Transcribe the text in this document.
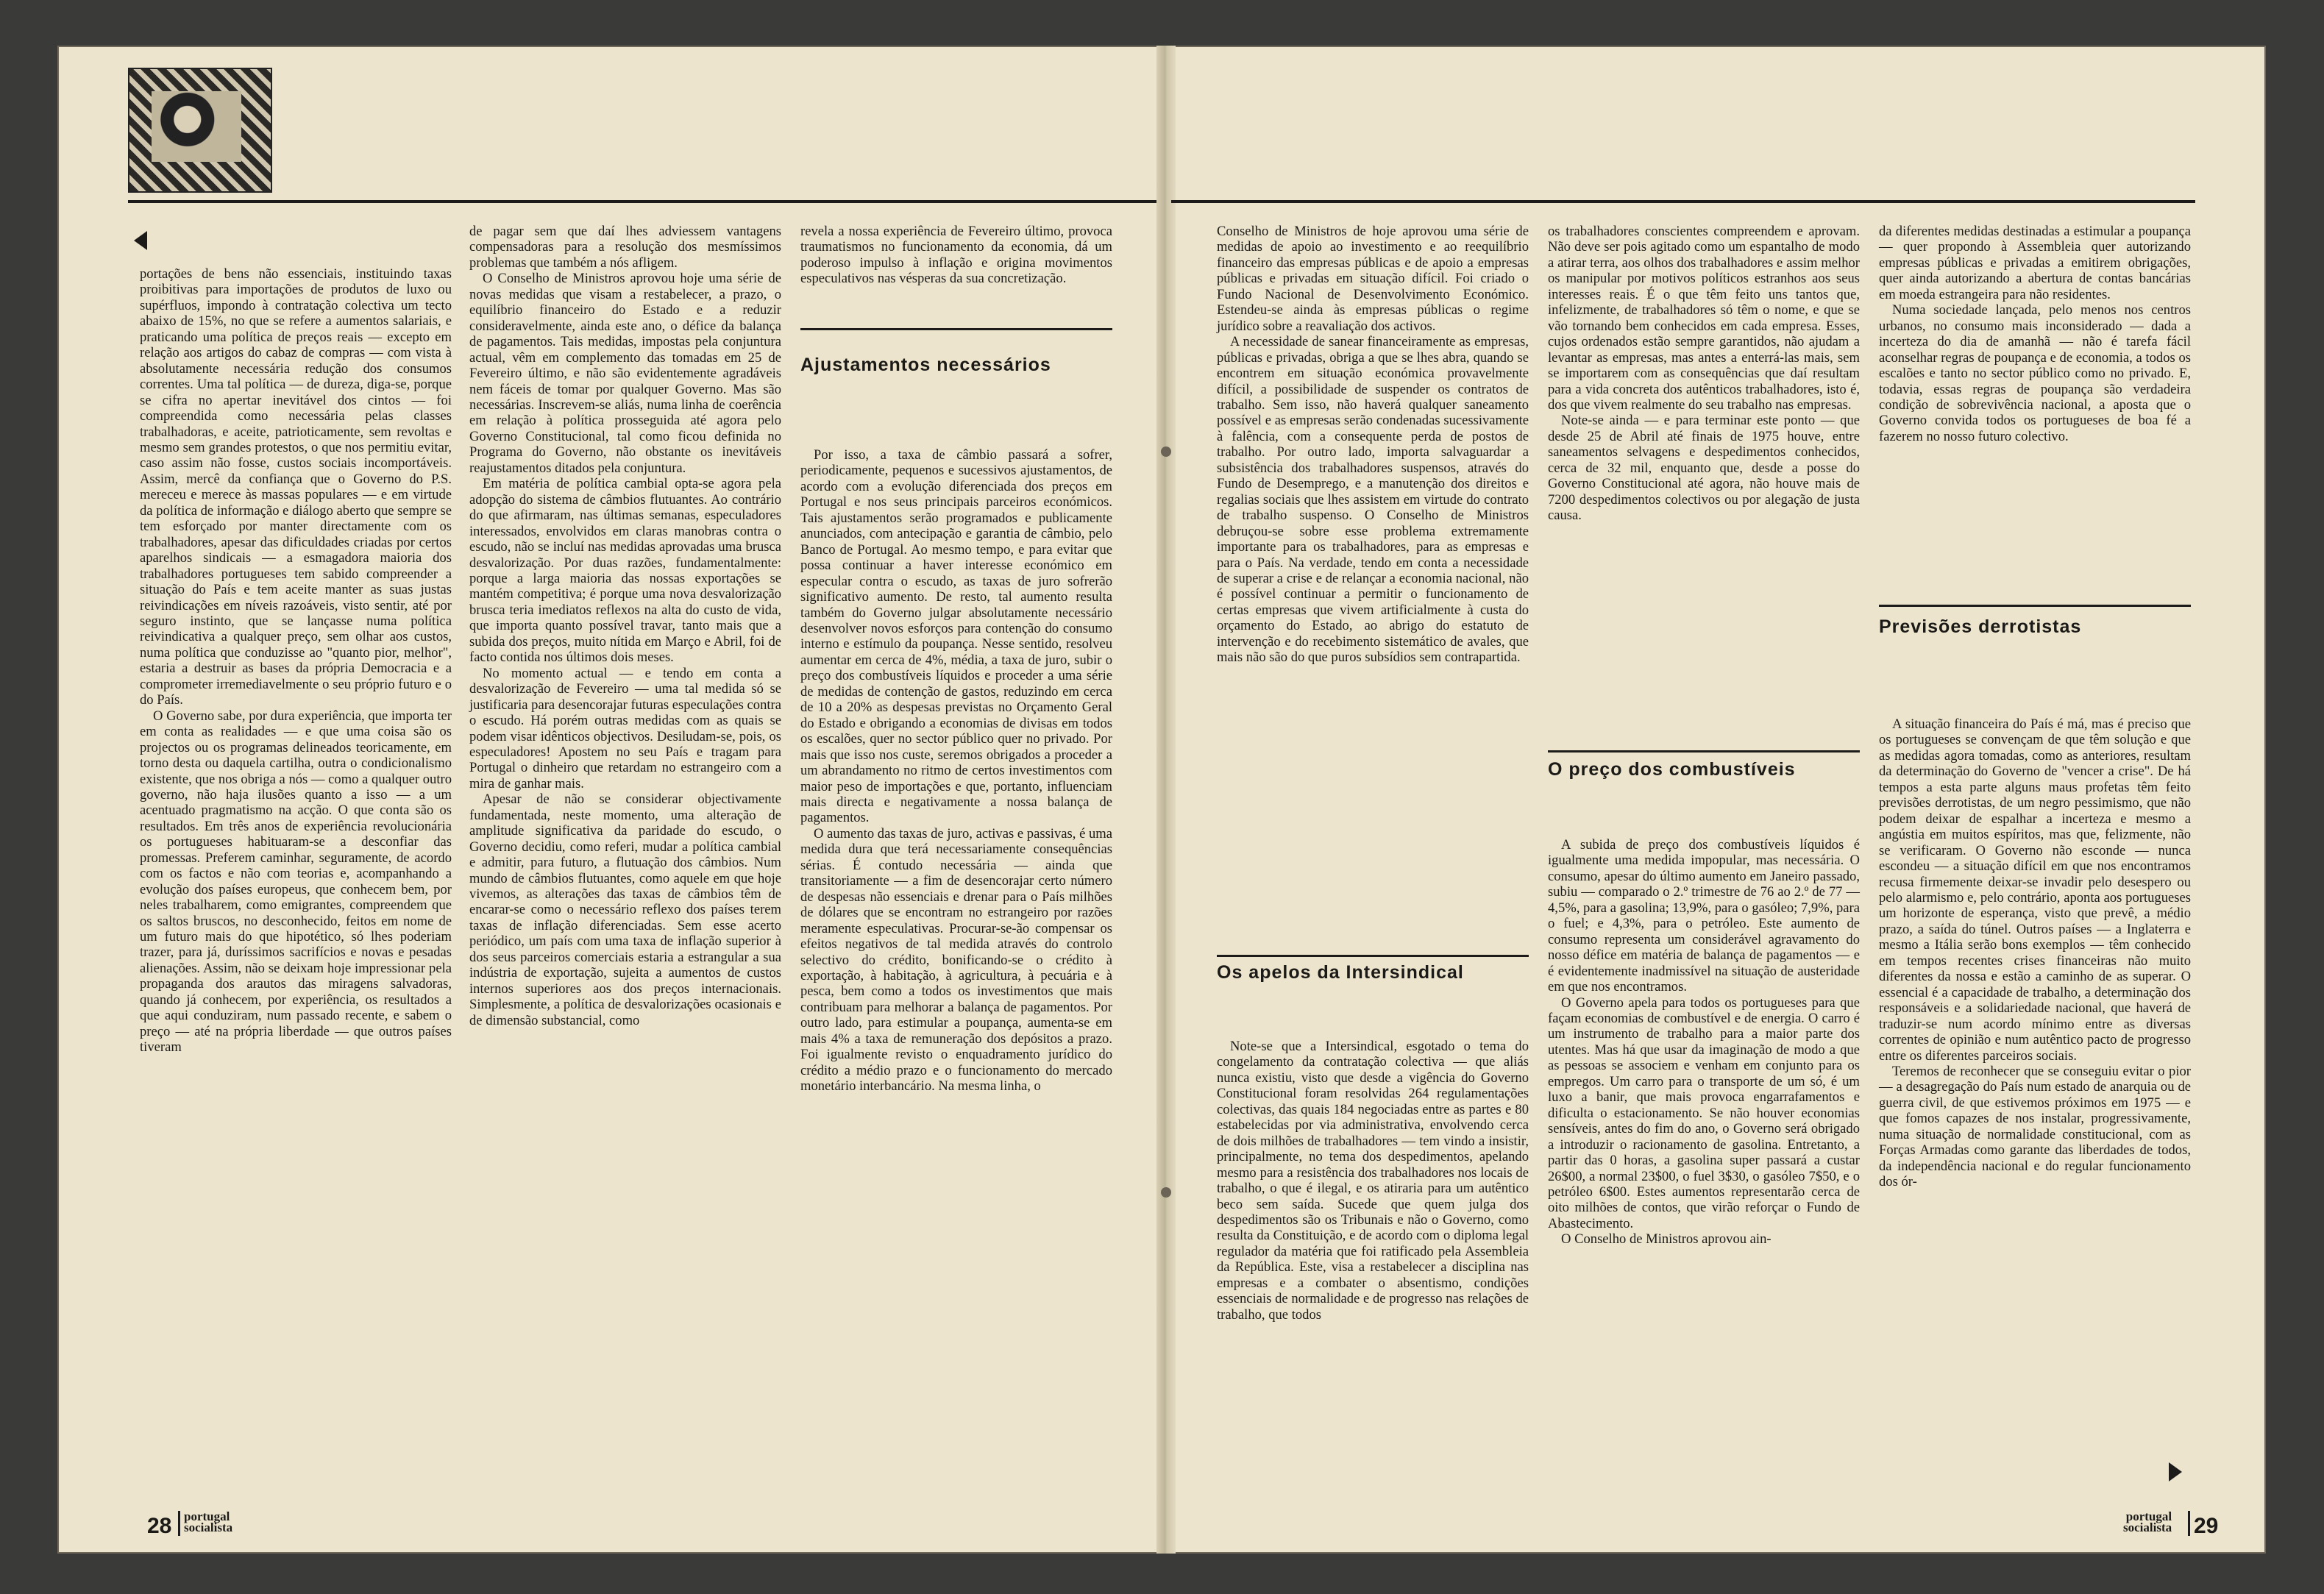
portações de bens não essenciais, instituindo taxas proibitivas para importações de produtos de luxo ou supérfluos, impondo à contratação colectiva um tecto abaixo de 15%, no que se refere a aumentos salariais, e praticando uma política de preços reais — excepto em relação aos artigos do cabaz de compras — com vista à absolutamente necessária redução dos consumos correntes. Uma tal política — de dureza, diga-se, porque se cifra no apertar inevitável dos cintos — foi compreendida como necessária pelas classes trabalhadoras, e aceite, patrioticamente, sem revoltas e mesmo sem grandes protestos, o que nos permitiu evitar, caso assim não fosse, custos sociais incomportáveis. Assim, mercê da confiança que o Governo do P.S. mereceu e merece às massas populares — e em virtude da política de informação e diálogo aberto que sempre se tem esforçado por manter directamente com os trabalhadores, apesar das dificuldades criadas por certos aparelhos sindicais — a esmagadora maioria dos trabalhadores portugueses tem sabido compreender a situação do País e tem aceite manter as suas justas reivindicações em níveis razoáveis, visto sentir, até por seguro instinto, que se lançasse numa política reivindicativa a qualquer preço, sem olhar aos custos, numa política que conduzisse ao "quanto pior, melhor", estaria a destruir as bases da própria Democracia e a comprometer irremediavelmente o seu próprio futuro e o do País.

O Governo sabe, por dura experiência, que importa ter em conta as realidades — e que uma coisa são os projectos ou os programas delineados teoricamente, em torno desta ou daquela cartilha, outra o condicionalismo existente, que nos obriga a nós — como a qualquer outro governo, não haja ilusões quanto a isso — a um acentuado pragmatismo na acção. O que conta são os resultados. Em três anos de experiência revolucionária os portugueses habituaram-se a desconfiar das promessas. Preferem caminhar, seguramente, de acordo com os factos e não com teorias e, acompanhando a evolução dos países europeus, que conhecem bem, por neles trabalharem, como emigrantes, compreendem que os saltos bruscos, no desconhecido, feitos em nome de um futuro mais do que hipotético, só lhes poderiam trazer, para já, duríssimos sacrifícios e novas e pesadas alienações. Assim, não se deixam hoje impressionar pela propaganda dos arautos das miragens salvadoras, quando já conhecem, por experiência, os resultados a que aqui conduziram, num passado recente, e sabem o preço — até na própria liberdade — que outros países tiveram

de pagar sem que daí lhes adviessem vantagens compensadoras para a resolução dos mesmíssimos problemas que também a nós afligem.

O Conselho de Ministros aprovou hoje uma série de novas medidas que visam a restabelecer, a prazo, o equilíbrio financeiro do Estado e a reduzir consideravelmente, ainda este ano, o défice da balança de pagamentos. Tais medidas, impostas pela conjuntura actual, vêm em complemento das tomadas em 25 de Fevereiro último, e não são evidentemente agradáveis nem fáceis de tomar por qualquer Governo. Mas são necessárias. Inscrevem-se aliás, numa linha de coerência em relação à política prosseguida até agora pelo Governo Constitucional, tal como ficou definida no Programa do Governo, não obstante os inevitáveis reajustamentos ditados pela conjuntura.

Em matéria de política cambial opta-se agora pela adopção do sistema de câmbios flutuantes. Ao contrário do que afirmaram, nas últimas semanas, especuladores interessados, envolvidos em claras manobras contra o escudo, não se incluí nas medidas aprovadas uma brusca desvalorização. Por duas razões, fundamentalmente: porque a larga maioria das nossas exportações se mantém competitiva; é porque uma nova desvalorização brusca teria imediatos reflexos na alta do custo de vida, que importa quanto possível travar, tanto mais que a subida dos preços, muito nítida em Março e Abril, foi de facto contida nos últimos dois meses.

No momento actual — e tendo em conta a desvalorização de Fevereiro — uma tal medida só se justificaria para desencorajar futuras especulações contra o escudo. Há porém outras medidas com as quais se podem visar idênticos objectivos. Desiludam-se, pois, os especuladores! Apostem no seu País e tragam para Portugal o dinheiro que retardam no estrangeiro com a mira de ganhar mais.

Apesar de não se considerar objectivamente fundamentada, neste momento, uma alteração de amplitude significativa da paridade do escudo, o Governo decidiu, como referi, mudar a política cambial e admitir, para futuro, a flutuação dos câmbios. Num mundo de câmbios flutuantes, como aquele em que hoje vivemos, as alterações das taxas de câmbios têm de encarar-se como o necessário reflexo dos países terem taxas de inflação diferenciadas. Sem esse acerto periódico, um país com uma taxa de inflação superior à dos seus parceiros comerciais estaria a estrangular a sua indústria de exportação, sujeita a aumentos de custos internos superiores aos dos preços internacionais. Simplesmente, a política de desvalorizações ocasionais e de dimensão substancial, como

revela a nossa experiência de Fevereiro último, provoca traumatismos no funcionamento da economia, dá um poderoso impulso à inflação e origina movimentos especulativos nas vésperas da sua concretização.

Ajustamentos necessários

Por isso, a taxa de câmbio passará a sofrer, periodicamente, pequenos e sucessivos ajustamentos, de acordo com a evolução diferenciada dos preços em Portugal e nos seus principais parceiros económicos. Tais ajustamentos serão programados e publicamente anunciados, com antecipação e garantia de câmbio, pelo Banco de Portugal. Ao mesmo tempo, e para evitar que possa continuar a haver interesse económico em especular contra o escudo, as taxas de juro sofrerão significativo aumento. De resto, tal aumento resulta também do Governo julgar absolutamente necessário desenvolver novos esforços para contenção do consumo interno e estímulo da poupança. Nesse sentido, resolveu aumentar em cerca de 4%, média, a taxa de juro, subir o preço dos combustíveis líquidos e proceder a uma série de medidas de contenção de gastos, reduzindo em cerca de 10 a 20% as despesas previstas no Orçamento Geral do Estado e obrigando a economias de divisas em todos os escalões, quer no sector público quer no privado. Por mais que isso nos custe, seremos obrigados a proceder a um abrandamento no ritmo de certos investimentos com maior peso de importações e que, portanto, influenciam mais directa e negativamente a nossa balança de pagamentos.

O aumento das taxas de juro, activas e passivas, é uma medida dura que terá necessariamente consequências sérias. É contudo necessária — ainda que transitoriamente — a fim de desencorajar certo número de despesas não essenciais e drenar para o País milhões de dólares que se encontram no estrangeiro por razões meramente especulativas. Procurar-se-ão compensar os efeitos negativos de tal medida através do controlo selectivo do crédito, bonificando-se o crédito à exportação, à habitação, à agricultura, à pecuária e à pesca, bem como a todos os investimentos que mais contribuam para melhorar a balança de pagamentos. Por outro lado, para estimular a poupança, aumenta-se em mais 4% a taxa de remuneração dos depósitos a prazo. Foi igualmente revisto o enquadramento jurídico do crédito a médio prazo e o funcionamento do mercado monetário interbancário. Na mesma linha, o

28 portugal
socialista

Conselho de Ministros de hoje aprovou uma série de medidas de apoio ao investimento e ao reequilíbrio financeiro das empresas públicas e de apoio a empresas públicas e privadas em situação difícil. Foi criado o Fundo Nacional de Desenvolvimento Económico. Estendeu-se ainda às empresas públicas o regime jurídico sobre a reavaliação dos activos.

A necessidade de sanear financeiramente as empresas, públicas e privadas, obriga a que se lhes abra, quando se encontrem em situação económica provavelmente difícil, a possibilidade de suspender os contratos de trabalho. Sem isso, não haverá qualquer saneamento possível e as empresas serão condenadas sucessivamente à falência, com a consequente perda de postos de trabalho. Por outro lado, importa salvaguardar a subsistência dos trabalhadores suspensos, através do Fundo de Desemprego, e a manutenção dos direitos e regalias sociais que lhes assistem em virtude do contrato de trabalho suspenso. O Conselho de Ministros debruçou-se sobre esse problema extremamente importante para os trabalhadores, para as empresas e para o País. Na verdade, tendo em conta a necessidade de superar a crise e de relançar a economia nacional, não é possível continuar a permitir o funcionamento de certas empresas que vivem artificialmente à custa do orçamento do Estado, ao abrigo do estatuto de intervenção e do recebimento sistemático de avales, que mais não são do que puros subsídios sem contrapartida.

Os apelos da Intersindical

Note-se que a Intersindical, esgotado o tema do congelamento da contratação colectiva — que aliás nunca existiu, visto que desde a vigência do Governo Constitucional foram resolvidas 264 regulamentações colectivas, das quais 184 negociadas entre as partes e 80 estabelecidas por via administrativa, envolvendo cerca de dois milhões de trabalhadores — tem vindo a insistir, principalmente, no tema dos despedimentos, apelando mesmo para a resistência dos trabalhadores nos locais de trabalho, o que é ilegal, e os atiraria para um autêntico beco sem saída. Sucede que quem julga dos despedimentos são os Tribunais e não o Governo, como resulta da Constituição, e de acordo com o diploma legal regulador da matéria que foi ratificado pela Assembleia da República. Este, visa a restabelecer a disciplina nas empresas e a combater o absentismo, condições essenciais de normalidade e de progresso nas relações de trabalho, que todos

os trabalhadores conscientes compreendem e aprovam. Não deve ser pois agitado como um espantalho de modo a atirar terra, aos olhos dos trabalhadores e assim melhor os manipular por motivos políticos estranhos aos seus interesses reais. É o que têm feito uns tantos que, infelizmente, de trabalhadores só têm o nome, e que se vão tornando bem conhecidos em cada empresa. Esses, cujos ordenados estão sempre garantidos, não ajudam a levantar as empresas, mas antes a enterrá-las mais, sem se importarem com as consequências que daí resultam para a vida concreta dos autênticos trabalhadores, isto é, dos que vivem realmente do seu trabalho nas empresas.

Note-se ainda — e para terminar este ponto — que desde 25 de Abril até finais de 1975 houve, entre saneamentos selvagens e despedimentos conhecidos, cerca de 32 mil, enquanto que, desde a posse do Governo Constitucional até agora, não houve mais de 7200 despedimentos colectivos ou por alegação de justa causa.

O preço dos combustíveis

A subida de preço dos combustíveis líquidos é igualmente uma medida impopular, mas necessária. O consumo, apesar do último aumento em Janeiro passado, subiu — comparado o 2.º trimestre de 76 ao 2.º de 77 — 4,5%, para a gasolina; 13,9%, para o gasóleo; 7,9%, para o fuel; e 4,3%, para o petróleo. Este aumento de consumo representa um considerável agravamento do nosso défice em matéria de balança de pagamentos — e é evidentemente inadmissível na situação de austeridade em que nos encontramos.

O Governo apela para todos os portugueses para que façam economias de combustível e de energia. O carro é um instrumento de trabalho para a maior parte dos utentes. Mas há que usar da imaginação de modo a que as pessoas se associem e venham em conjunto para os empregos. Um carro para o transporte de um só, é um luxo a banir, que mais provoca engarrafamentos e dificulta o estacionamento. Se não houver economias sensíveis, antes do fim do ano, o Governo será obrigado a introduzir o racionamento de gasolina. Entretanto, a partir das 0 horas, a gasolina super passará a custar 26$00, a normal 23$00, o fuel 3$30, o gasóleo 7$50, e o petróleo 6$00. Estes aumentos representarão cerca de oito milhões de contos, que virão reforçar o Fundo de Abastecimento.

O Conselho de Ministros aprovou ain-

da diferentes medidas destinadas a estimular a poupança — quer propondo à Assembleia quer autorizando empresas públicas e privadas a emitirem obrigações, quer ainda autorizando a abertura de contas bancárias em moeda estrangeira para não residentes.

Numa sociedade lançada, pelo menos nos centros urbanos, no consumo mais inconsiderado — dada a incerteza do dia de amanhã — não é tarefa fácil aconselhar regras de poupança e de economia, a todos os escalões e tanto no sector público como no privado. E, todavia, essas regras de poupança são verdadeira condição de sobrevivência nacional, a aposta que o Governo convida todos os portugueses de boa fé a fazerem no nosso futuro colectivo.

Previsões derrotistas

A situação financeira do País é má, mas é preciso que os portugueses se convençam de que têm solução e que as medidas agora tomadas, como as anteriores, resultam da determinação do Governo de "vencer a crise". De há tempos a esta parte alguns maus profetas têm feito previsões derrotistas, de um negro pessimismo, que não podem deixar de espalhar a incerteza e mesmo a angústia em muitos espíritos, mas que, felizmente, não se verificaram. O Governo não esconde — nunca escondeu — a situação difícil em que nos encontramos recusa firmemente deixar-se invadir pelo desespero ou pelo alarmismo e, pelo contrário, aponta aos portugueses um horizonte de esperança, visto que prevê, a médio prazo, a saída do túnel. Outros países — a Inglaterra e mesmo a Itália serão bons exemplos — têm conhecido em tempos recentes crises financeiras não muito diferentes da nossa e estão a caminho de as superar. O essencial é a capacidade de trabalho, a determinação dos responsáveis e a solidariedade nacional, que haverá de traduzir-se num acordo mínimo entre as diversas correntes de opinião e num autêntico pacto de progresso entre os diferentes parceiros sociais.

Teremos de reconhecer que se conseguiu evitar o pior — a desagregação do País num estado de anarquia ou de guerra civil, de que estivemos próximos em 1975 — e que fomos capazes de nos instalar, progressivamente, numa situação de normalidade constitucional, com as Forças Armadas como garante das liberdades de todos, da independência nacional e do regular funcionamento dos ór-

portugal
socialista 29
